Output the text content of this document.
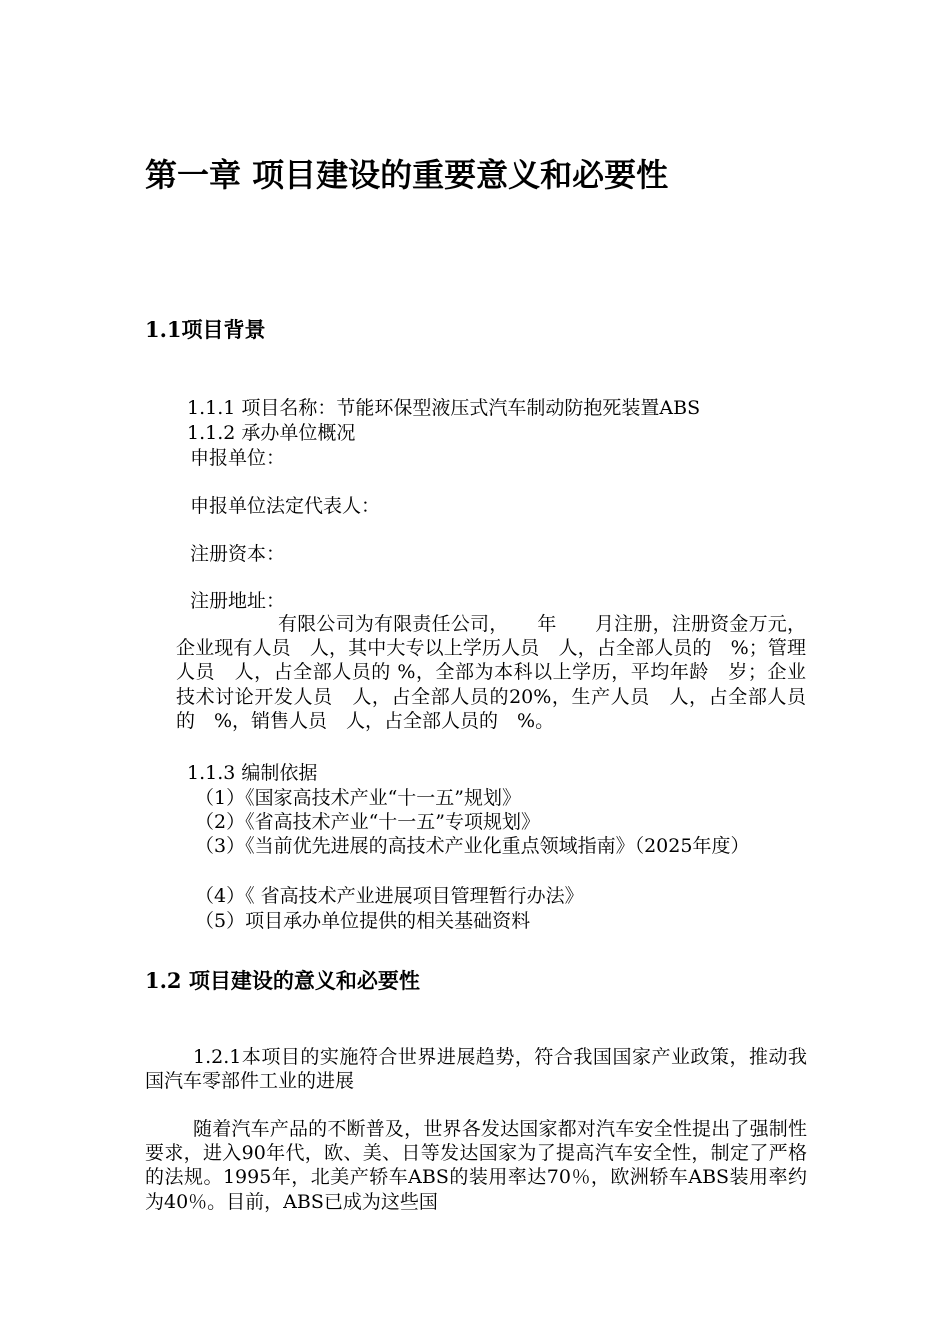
第一章 项目建设的重要意义和必要性
1.1项目背景
1.1.1 项目名称：节能环保型液压式汽车制动防抱死装置ABS
1.1.2 承办单位概况
申报单位：
申报单位法定代表人：
注册资本：
注册地址：
有限公司为有限责任公司，　　年　　月注册，注册资金万元，企业现有人员　人，其中大专以上学历人员　人，占全部人员的　%；管理人员　人，占全部人员的 %，全部为本科以上学历，平均年龄　岁；企业技术讨论开发人员　人，占全部人员的20%，生产人员　人，占全部人员的　%，销售人员　人，占全部人员的　%。
1.1.3 编制依据
（1）《国家高技术产业“十一五”规划》
（2）《省高技术产业“十一五”专项规划》
（3）《当前优先进展的高技术产业化重点领域指南》（2025年度）
（4）《 省高技术产业进展项目管理暂行办法》
（5）项目承办单位提供的相关基础资料
1.2 项目建设的意义和必要性
1.2.1本项目的实施符合世界进展趋势，符合我国国家产业政策，推动我国汽车零部件工业的进展
随着汽车产品的不断普及，世界各发达国家都对汽车安全性提出了强制性要求，进入90年代，欧、美、日等发达国家为了提高汽车安全性，制定了严格的法规。1995年，北美产轿车ABS的装用率达70％，欧洲轿车ABS装用率约为40％。目前，ABS已成为这些国
